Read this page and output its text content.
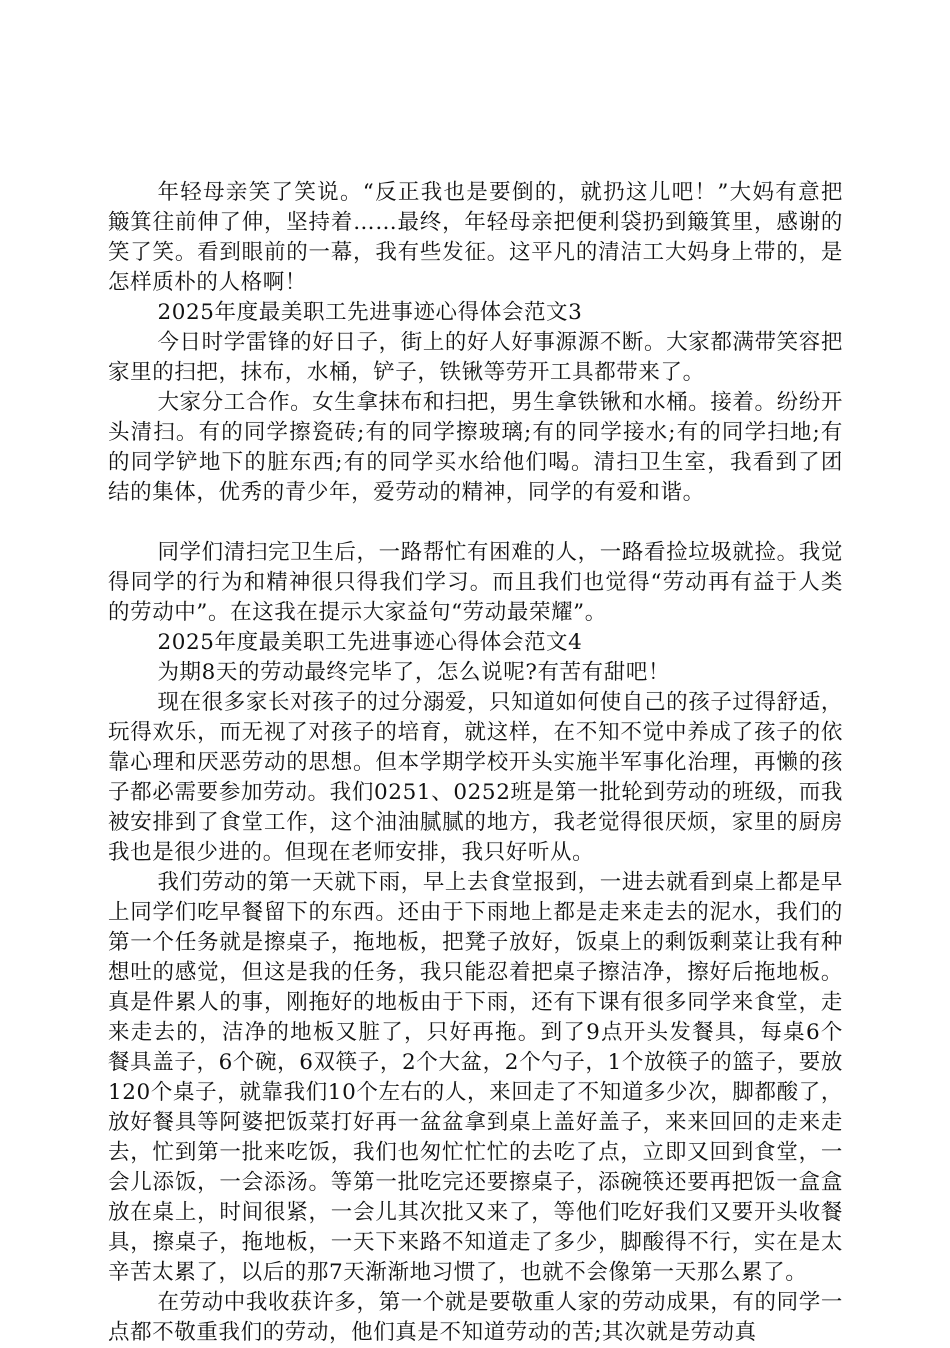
年轻母亲笑了笑说。“反正我也是要倒的，就扔这儿吧！”大妈有意把簸箕往前伸了伸，坚持着……最终，年轻母亲把便利袋扔到簸箕里，感谢的笑了笑。看到眼前的一幕，我有些发征。这平凡的清洁工大妈身上带的，是怎样质朴的人格啊！

2025年度最美职工先进事迹心得体会范文3

今日时学雷锋的好日子，街上的好人好事源源不断。大家都满带笑容把家里的扫把，抹布，水桶，铲子，铁锹等劳开工具都带来了。

大家分工合作。女生拿抹布和扫把，男生拿铁锹和水桶。接着。纷纷开头清扫。有的同学擦瓷砖;有的同学擦玻璃;有的同学接水;有的同学扫地;有的同学铲地下的脏东西;有的同学买水给他们喝。清扫卫生室，我看到了团结的集体，优秀的青少年，爱劳动的精神，同学的有爱和谐。

同学们清扫完卫生后，一路帮忙有困难的人，一路看捡垃圾就捡。我觉得同学的行为和精神很只得我们学习。而且我们也觉得“劳动再有益于人类的劳动中”。在这我在提示大家益句“劳动最荣耀”。

2025年度最美职工先进事迹心得体会范文4

为期8天的劳动最终完毕了，怎么说呢?有苦有甜吧！

现在很多家长对孩子的过分溺爱，只知道如何使自己的孩子过得舒适，玩得欢乐，而无视了对孩子的培育，就这样，在不知不觉中养成了孩子的依靠心理和厌恶劳动的思想。但本学期学校开头实施半军事化治理，再懒的孩子都必需要参加劳动。我们0251、0252班是第一批轮到劳动的班级，而我被安排到了食堂工作，这个油油腻腻的地方，我老觉得很厌烦，家里的厨房我也是很少进的。但现在老师安排，我只好听从。

我们劳动的第一天就下雨，早上去食堂报到，一进去就看到桌上都是早上同学们吃早餐留下的东西。还由于下雨地上都是走来走去的泥水，我们的第一个任务就是擦桌子，拖地板，把凳子放好，饭桌上的剩饭剩菜让我有种想吐的感觉，但这是我的任务，我只能忍着把桌子擦洁净，擦好后拖地板。真是件累人的事，刚拖好的地板由于下雨，还有下课有很多同学来食堂，走来走去的，洁净的地板又脏了，只好再拖。到了9点开头发餐具，每桌6个餐具盖子，6个碗，6双筷子，2个大盆，2个勺子，1个放筷子的篮子，要放120个桌子，就靠我们10个左右的人，来回走了不知道多少次，脚都酸了，放好餐具等阿婆把饭菜打好再一盆盆拿到桌上盖好盖子，来来回回的走来走去，忙到第一批来吃饭，我们也匆忙忙忙的去吃了点，立即又回到食堂，一会儿添饭，一会添汤。等第一批吃完还要擦桌子，添碗筷还要再把饭一盒盒放在桌上，时间很紧，一会儿其次批又来了，等他们吃好我们又要开头收餐具，擦桌子，拖地板，一天下来路不知道走了多少，脚酸得不行，实在是太辛苦太累了，以后的那7天渐渐地习惯了，也就不会像第一天那么累了。

在劳动中我收获许多，第一个就是要敬重人家的劳动成果，有的同学一点都不敬重我们的劳动，他们真是不知道劳动的苦;其次就是劳动真
